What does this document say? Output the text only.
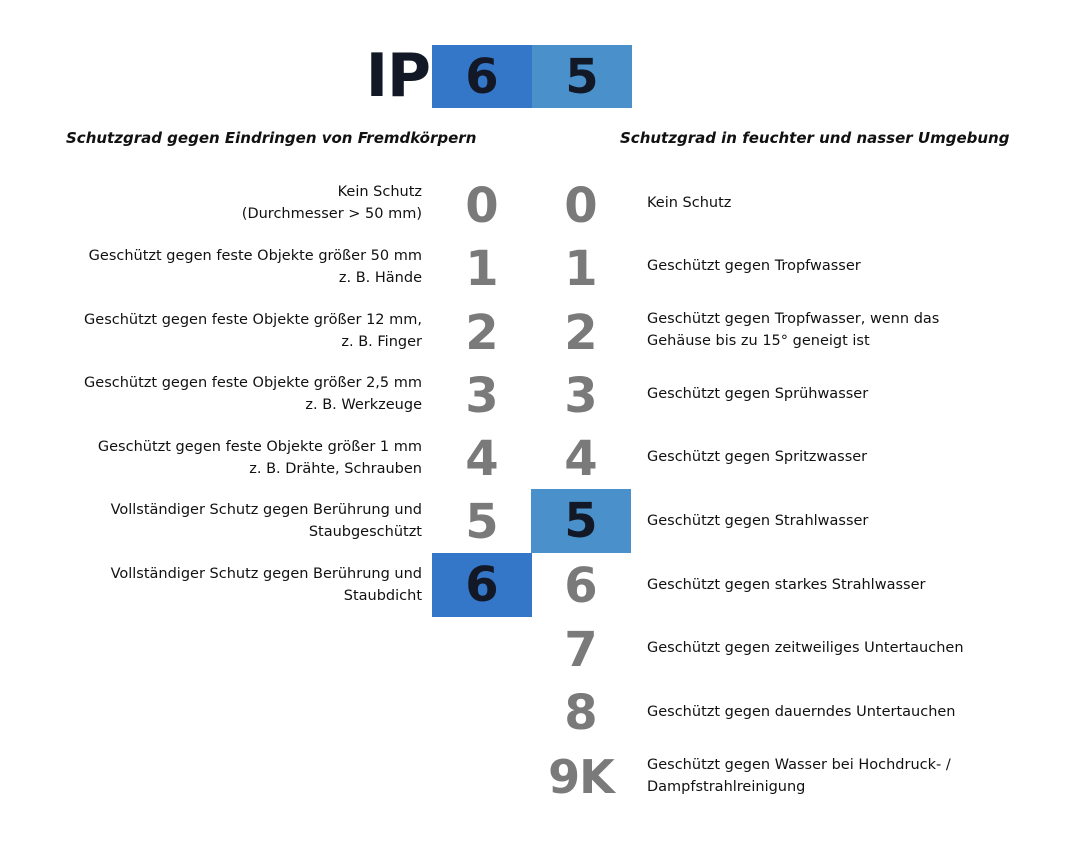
IP 6	5
Schutzgrad gegen Eindringen von Fremdkörpern	Schutzgrad in feuchter und nasser Umgebung
0
Kein Schutz
(Durchmesser > 50 mm)
1
Geschützt gegen feste Objekte größer 50 mm
z. B. Hände
2
Geschützt gegen feste Objekte größer 12 mm,
z. B. Finger
3
Geschützt gegen feste Objekte größer 2,5 mm
z. B. Werkzeuge
4
Geschützt gegen feste Objekte größer 1 mm
z. B. Drähte, Schrauben
5
Vollständiger Schutz gegen Berührung und
Staubgeschützt
6
Vollständiger Schutz gegen Berührung und
Staubdicht
0	Kein Schutz
1	Geschützt gegen Tropfwasser
2	Geschützt gegen Tropfwasser, wenn das
Gehäuse bis zu 15° geneigt ist
3	Geschützt gegen Sprühwasser
4	Geschützt gegen Spritzwasser
5	Geschützt gegen Strahlwasser
6	Geschützt gegen starkes Strahlwasser
7	Geschützt gegen zeitweiliges Untertauchen
8	Geschützt gegen dauerndes Untertauchen
9K	Geschützt gegen Wasser bei Hochdruck- /
Dampfstrahlreinigung
